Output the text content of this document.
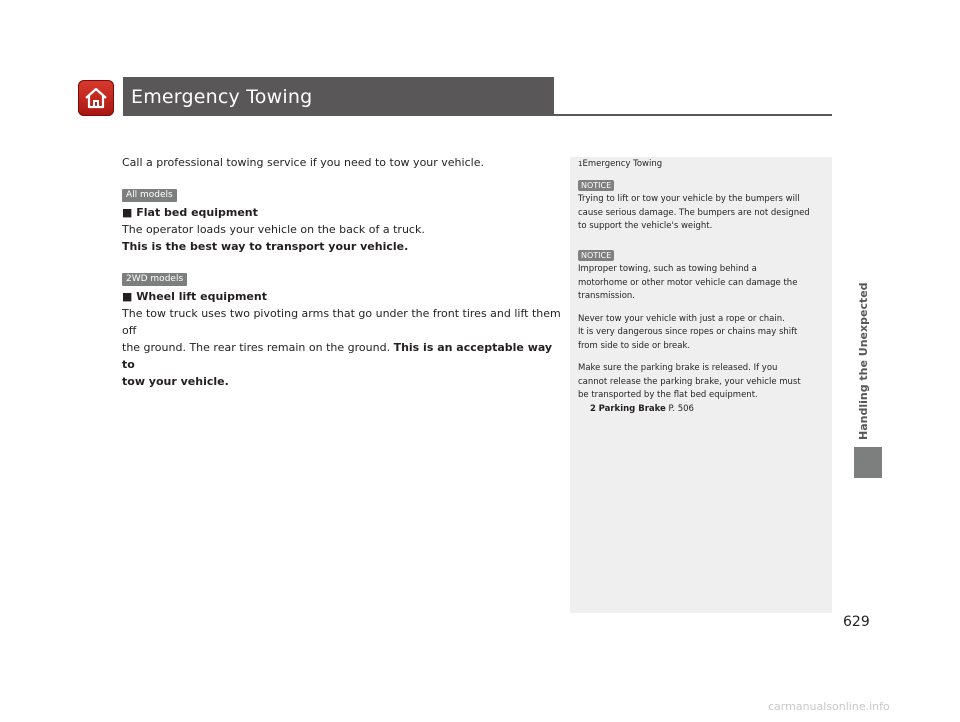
Emergency Towing

Call a professional towing service if you need to tow your vehicle.

All models

■ Flat bed equipment

The operator loads your vehicle on the back of a truck.

This is the best way to transport your vehicle.

2WD models

■ Wheel lift equipment

The tow truck uses two pivoting arms that go under the front tires and lift them off

the ground. The rear tires remain on the ground. This is an acceptable way to

tow your vehicle.

1Emergency Towing
NOTICE
Trying to lift or tow your vehicle by the bumpers will
cause serious damage. The bumpers are not designed
to support the vehicle's weight.
NOTICE
Improper towing, such as towing behind a
motorhome or other motor vehicle can damage the
transmission.
Never tow your vehicle with just a rope or chain.
It is very dangerous since ropes or chains may shift
from side to side or break.
Make sure the parking brake is released. If you
cannot release the parking brake, your vehicle must
be transported by the flat bed equipment.
2 Parking Brake P. 506	Handling the Unexpected
629
carmanualsonline.info
